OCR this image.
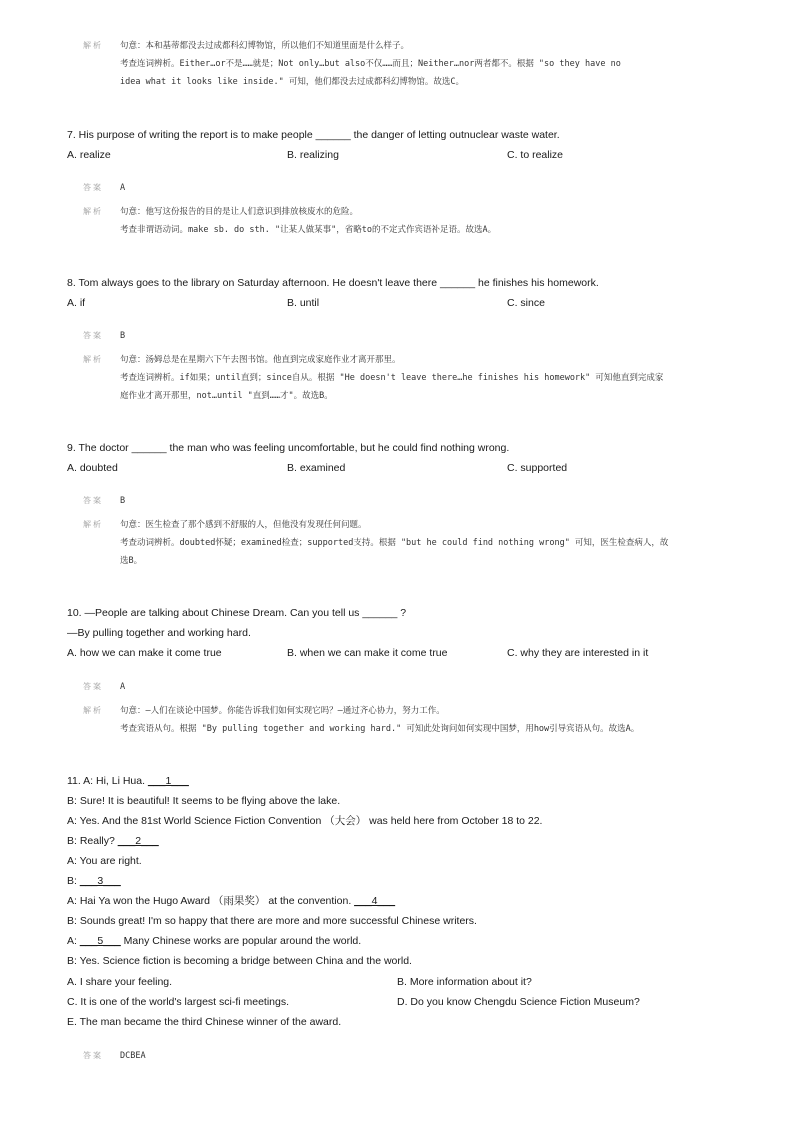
解析 句意：本和基蒂都没去过成都科幻博物馆，所以他们不知道里面是什么样子。
考查连词辨析。Either…or不是……就是；Not only…but also不仅……而且；Neither…nor两者都不。根据 "so they have no
idea what it looks like inside." 可知，他们都没去过成都科幻博物馆。故选C。
7. His purpose of writing the report is to make people ______ the danger of letting outnuclear waste water.
A. realize	B. realizing	C. to realize
答案 A
解析 句意：他写这份报告的目的是让人们意识到排放核废水的危险。
考查非谓语动词。make sb. do sth. "让某人做某事"，省略to的不定式作宾语补足语。故选A。
8. Tom always goes to the library on Saturday afternoon. He doesn't leave there ______ he finishes his homework.
A. if	B. until	C. since
答案 B
解析 句意：汤姆总是在星期六下午去图书馆。他直到完成家庭作业才离开那里。
考查连词辨析。if如果；until直到；since自从。根据 "He doesn't leave there…he finishes his homework" 可知他直到完成家
庭作业才离开那里，not…until "直到……才"。故选B。
9. The doctor ______ the man who was feeling uncomfortable, but he could find nothing wrong.
A. doubted	B. examined	C. supported
答案 B
解析 句意：医生检查了那个感到不舒服的人，但他没有发现任何问题。
考查动词辨析。doubted怀疑；examined检查；supported支持。根据 "but he could find nothing wrong" 可知，医生检查病人，故
选B。
10. —People are talking about Chinese Dream. Can you tell us ______ ?
—By pulling together and working hard.
A. how we can make it come true	B. when we can make it come true	C. why they are interested in it
答案 A
解析 句意：—人们在谈论中国梦。你能告诉我们如何实现它吗？—通过齐心协力，努力工作。
考查宾语从句。根据 "By pulling together and working hard." 可知此处询问如何实现中国梦，用how引导宾语从句。故选A。
11. A: Hi, Li Hua. ___1___
B: Sure! It is beautiful! It seems to be flying above the lake.
A: Yes. And the 81st World Science Fiction Convention （大会） was held here from October 18 to 22.
B: Really? ___2___
A: You are right.
B: ___3___
A: Hai Ya won the Hugo Award （雨果奖） at the convention. ___4___
B: Sounds great! I'm so happy that there are more and more successful Chinese writers.
A: ___5___ Many Chinese works are popular around the world.
B: Yes. Science fiction is becoming a bridge between China and the world.
A. I share your feeling.	B. More information about it?
C. It is one of the world's largest sci-fi meetings.	D. Do you know Chengdu Science Fiction Museum?
E. The man became the third Chinese winner of the award.
答案 DCBEA
